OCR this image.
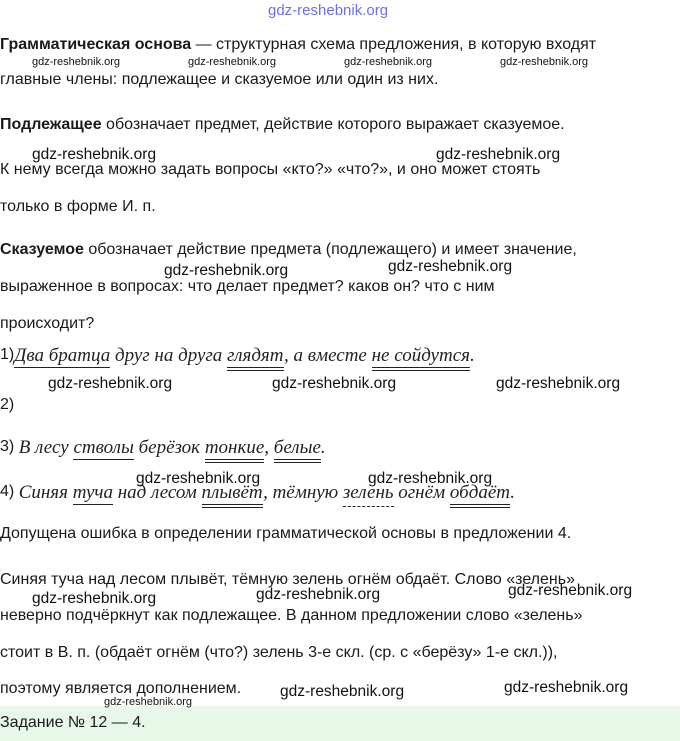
gdz-reshebnik.org
Грамматическая основа — структурная схема предложения, в которую входят
gdz-reshebnik.org	gdz-reshebnik.org	gdz-reshebnik.org	gdz-reshebnik.org
главные члены: подлежащее и сказуемое или один из них.
Подлежащее обозначает предмет, действие которого выражает сказуемое.
gdz-reshebnik.org	gdz-reshebnik.org
К нему всегда можно задать вопросы «кто?» «что?», и оно может стоять
только в форме И. п.
Сказуемое обозначает действие предмета (подлежащего) и имеет значение,
gdz-reshebnik.org	gdz-reshebnik.org
выраженное в вопросах: что делает предмет? каков он? что с ним
происходит?
1)Два братца друг на друга глядят, а вместе не сойдутся.
gdz-reshebnik.org	gdz-reshebnik.org	gdz-reshebnik.org
2)
3) В лесу стволы берёзок тонкие, белые.
gdz-reshebnik.org	gdz-reshebnik.org
4) Синяя туча над лесом плывёт, тёмную зелень огнём обдаёт.
Допущена ошибка в определении грамматической основы в предложении 4.
Синяя туча над лесом плывёт, тёмную зелень огнём обдаёт. Слово «зелень»
gdz-reshebnik.org	gdz-reshebnik.org	gdz-reshebnik.org
неверно подчёркнут как подлежащее. В данном предложении слово «зелень»
стоит в В. п. (обдаёт огнём (что?) зелень 3-е скл. (ср. с «берёзу» 1-е скл.)),
поэтому является дополнением.	gdz-reshebnik.org	gdz-reshebnik.org
gdz-reshebnik.org
Задание № 12 — 4.
